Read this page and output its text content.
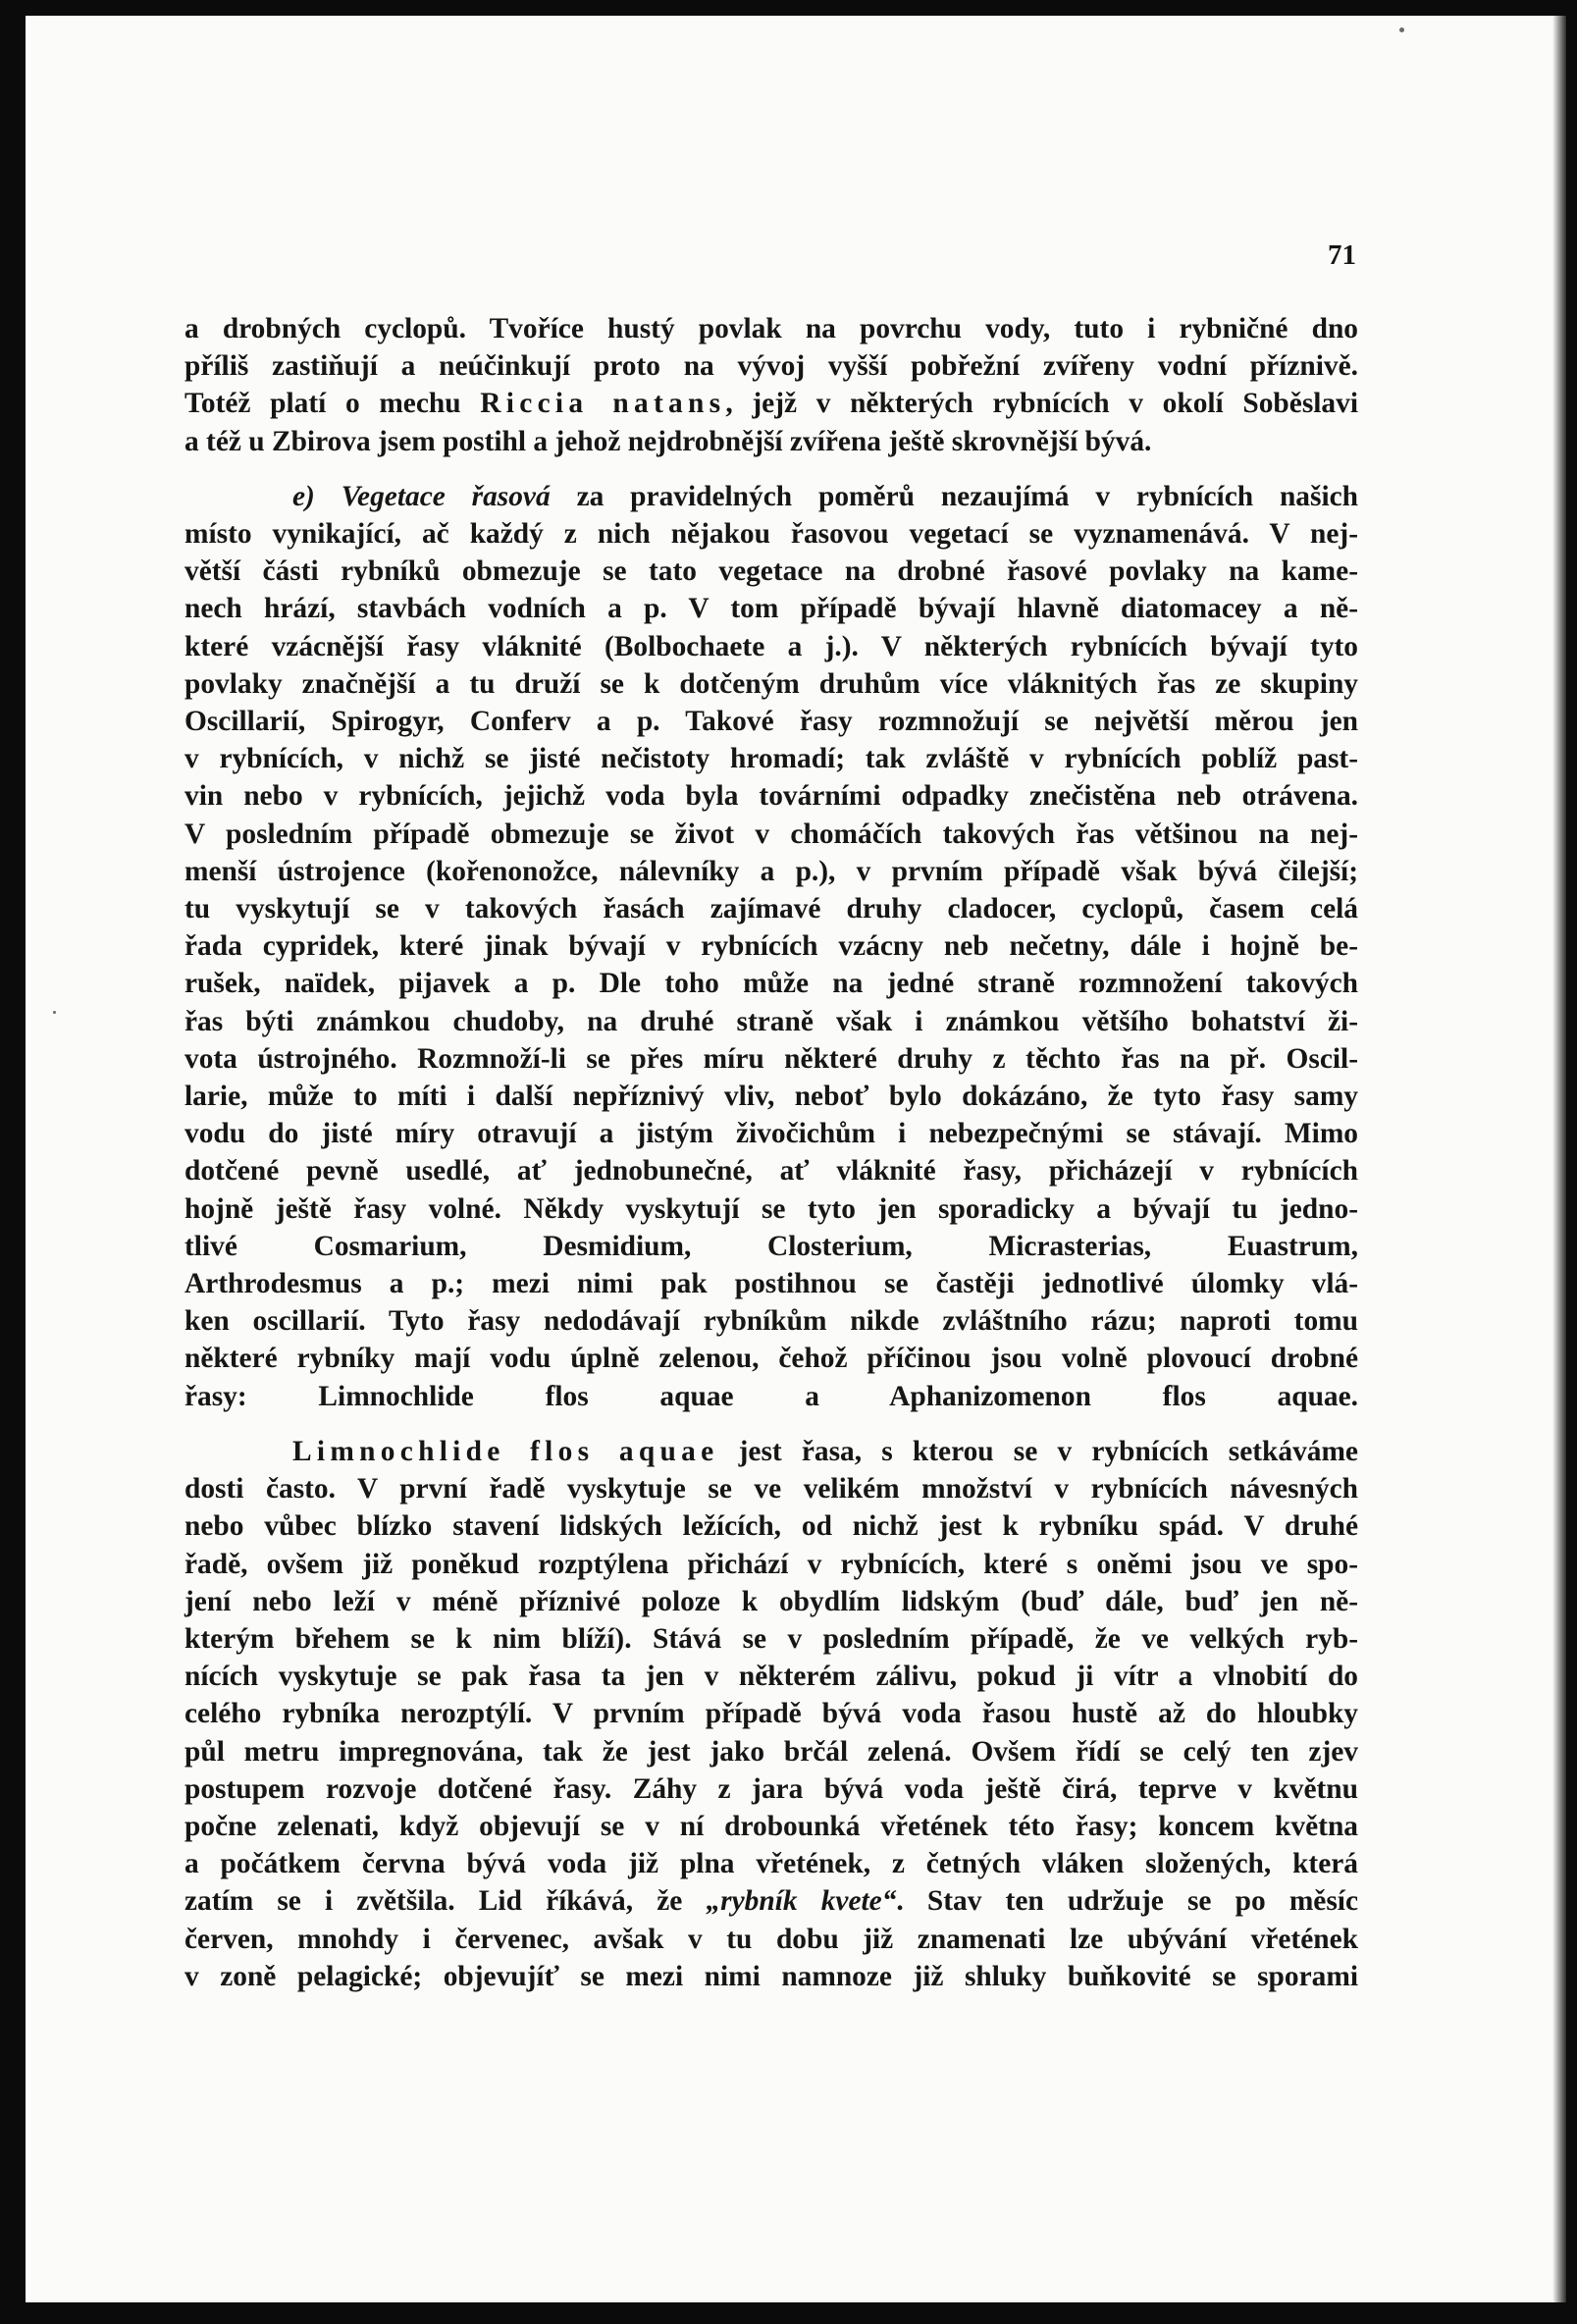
71
a drobných cyclopů. Tvoříce hustý povlak na povrchu vody, tuto i rybničné dno
příliš zastiňují a neúčinkují proto na vývoj vyšší pobřežní zvířeny vodní příznivě.
Totéž platí o mechu Riccia natans, jejž v některých rybnících v okolí Soběslavi
a též u Zbirova jsem postihl a jehož nejdrobnější zvířena ještě skrovnější bývá.
e) Vegetace řasová za pravidelných poměrů nezaujímá v rybnících našich
místo vynikající, ač každý z nich nějakou řasovou vegetací se vyznamenává. V nej-
větší části rybníků obmezuje se tato vegetace na drobné řasové povlaky na kame-
nech hrází, stavbách vodních a p. V tom případě bývají hlavně diatomacey a ně-
které vzácnější řasy vláknité (Bolbochaete a j.). V některých rybnících bývají tyto
povlaky značnější a tu druží se k dotčeným druhům více vláknitých řas ze skupiny
Oscillarií, Spirogyr, Conferv a p. Takové řasy rozmnožují se největší měrou jen
v rybnících, v nichž se jisté nečistoty hromadí; tak zvláště v rybnících poblíž past-
vin nebo v rybnících, jejichž voda byla továrními odpadky znečistěna neb otrávena.
V posledním případě obmezuje se život v chomáčích takových řas většinou na nej-
menší ústrojence (kořenonožce, nálevníky a p.), v prvním případě však bývá čilejší;
tu vyskytují se v takových řasách zajímavé druhy cladocer, cyclopů, časem celá
řada cypridek, které jinak bývají v rybnících vzácny neb nečetny, dále i hojně be-
rušek, naïdek, pijavek a p. Dle toho může na jedné straně rozmnožení takových
řas býti známkou chudoby, na druhé straně však i známkou většího bohatství ži-
vota ústrojného. Rozmnoží-li se přes míru některé druhy z těchto řas na př. Oscil-
larie, může to míti i další nepříznivý vliv, neboť bylo dokázáno, že tyto řasy samy
vodu do jisté míry otravují a jistým živočichům i nebezpečnými se stávají. Mimo
dotčené pevně usedlé, ať jednobunečné, ať vláknité řasy, přicházejí v rybnících
hojně ještě řasy volné. Někdy vyskytují se tyto jen sporadicky a bývají tu jedno-
tlivé Cosmarium, Desmidium, Closterium, Micrasterias, Euastrum,
Arthrodesmus a p.; mezi nimi pak postihnou se častěji jednotlivé úlomky vlá-
ken oscillarií. Tyto řasy nedodávají rybníkům nikde zvláštního rázu; naproti tomu
některé rybníky mají vodu úplně zelenou, čehož příčinou jsou volně plovoucí drobné
řasy: Limnochlide flos aquae a Aphanizomenon flos aquae.
Limnochlide flos aquae jest řasa, s kterou se v rybnících setkáváme
dosti často. V první řadě vyskytuje se ve velikém množství v rybnících návesných
nebo vůbec blízko stavení lidských ležících, od nichž jest k rybníku spád. V druhé
řadě, ovšem již poněkud rozptýlena přichází v rybnících, které s oněmi jsou ve spo-
jení nebo leží v méně příznivé poloze k obydlím lidským (buď dále, buď jen ně-
kterým břehem se k nim blíží). Stává se v posledním případě, že ve velkých ryb-
nících vyskytuje se pak řasa ta jen v některém zálivu, pokud ji vítr a vlnobití do
celého rybníka nerozptýlí. V prvním případě bývá voda řasou hustě až do hloubky
půl metru impregnována, tak že jest jako brčál zelená. Ovšem řídí se celý ten zjev
postupem rozvoje dotčené řasy. Záhy z jara bývá voda ještě čirá, teprve v květnu
počne zelenati, když objevují se v ní drobounká vřetének této řasy; koncem května
a počátkem června bývá voda již plna vřetének, z četných vláken složených, která
zatím se i zvětšila. Lid říkává, že „rybník kvete“. Stav ten udržuje se po měsíc
červen, mnohdy i červenec, avšak v tu dobu již znamenati lze ubývání vřetének
v zoně pelagické; objevujíť se mezi nimi namnoze již shluky buňkovité se sporami
